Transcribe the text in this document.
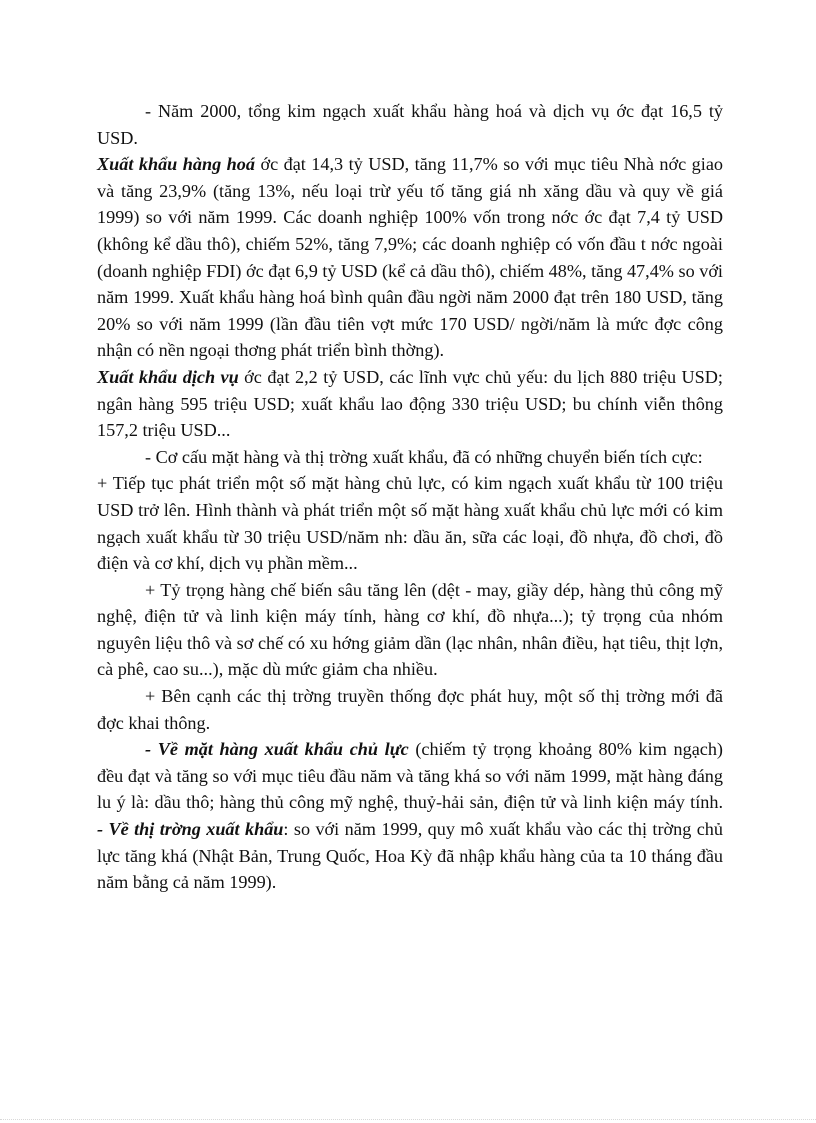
- Năm 2000, tổng kim ngạch xuất khẩu hàng hoá và dịch vụ ớc đạt 16,5 tỷ USD.

Xuất khẩu hàng hoá ớc đạt 14,3 tỷ USD, tăng 11,7% so với mục tiêu Nhà nớc giao và tăng 23,9% (tăng 13%, nếu loại trừ yếu tố tăng giá nh xăng dầu và quy về giá 1999) so với năm 1999. Các doanh nghiệp 100% vốn trong nớc ớc đạt 7,4 tỷ USD (không kể dầu thô), chiếm 52%, tăng 7,9%; các doanh nghiệp có vốn đầu t nớc ngoài (doanh nghiệp FDI) ớc đạt 6,9 tỷ USD (kể cả dầu thô), chiếm 48%, tăng 47,4% so với năm 1999. Xuất khẩu hàng hoá bình quân đầu ngời năm 2000 đạt trên 180 USD, tăng 20% so với năm 1999 (lần đầu tiên vợt mức 170 USD/ ngời/năm là mức đợc công nhận có nền ngoại thơng phát triển bình thờng).

Xuất khẩu dịch vụ ớc đạt 2,2 tỷ USD, các lĩnh vực chủ yếu: du lịch 880 triệu USD; ngân hàng 595 triệu USD; xuất khẩu lao động 330 triệu USD; bu chính viễn thông 157,2 triệu USD...

- Cơ cấu mặt hàng và thị trờng xuất khẩu, đã có những chuyển biến tích cực:

+ Tiếp tục phát triển một số mặt hàng chủ lực, có kim ngạch xuất khẩu từ 100 triệu USD trở lên. Hình thành và phát triển một số mặt hàng xuất khẩu chủ lực mới có kim ngạch xuất khẩu từ 30 triệu USD/năm nh: dầu ăn, sữa các loại, đồ nhựa, đồ chơi, đồ điện và cơ khí, dịch vụ phần mềm...

+ Tỷ trọng hàng chế biến sâu tăng lên (dệt - may, giầy dép, hàng thủ công mỹ nghệ, điện tử và linh kiện máy tính, hàng cơ khí, đồ nhựa...); tỷ trọng của nhóm nguyên liệu thô và sơ chế có xu hớng giảm dần (lạc nhân, nhân điều, hạt tiêu, thịt lợn, cà phê, cao su...), mặc dù mức giảm cha nhiều.

+ Bên cạnh các thị trờng truyền thống đợc phát huy, một số thị trờng mới đã đợc khai thông.

- Về mặt hàng xuất khẩu chủ lực (chiếm tỷ trọng khoảng 80% kim ngạch) đều đạt và tăng so với mục tiêu đầu năm và tăng khá so với năm 1999, mặt hàng đáng lu ý là: dầu thô; hàng thủ công mỹ nghệ, thuỷ-hải sản, điện tử và linh kiện máy tính.

- Về thị trờng xuất khẩu: so với năm 1999, quy mô xuất khẩu vào các thị trờng chủ lực tăng khá (Nhật Bản, Trung Quốc, Hoa Kỳ đã nhập khẩu hàng của ta 10 tháng đầu năm bằng cả năm 1999).
